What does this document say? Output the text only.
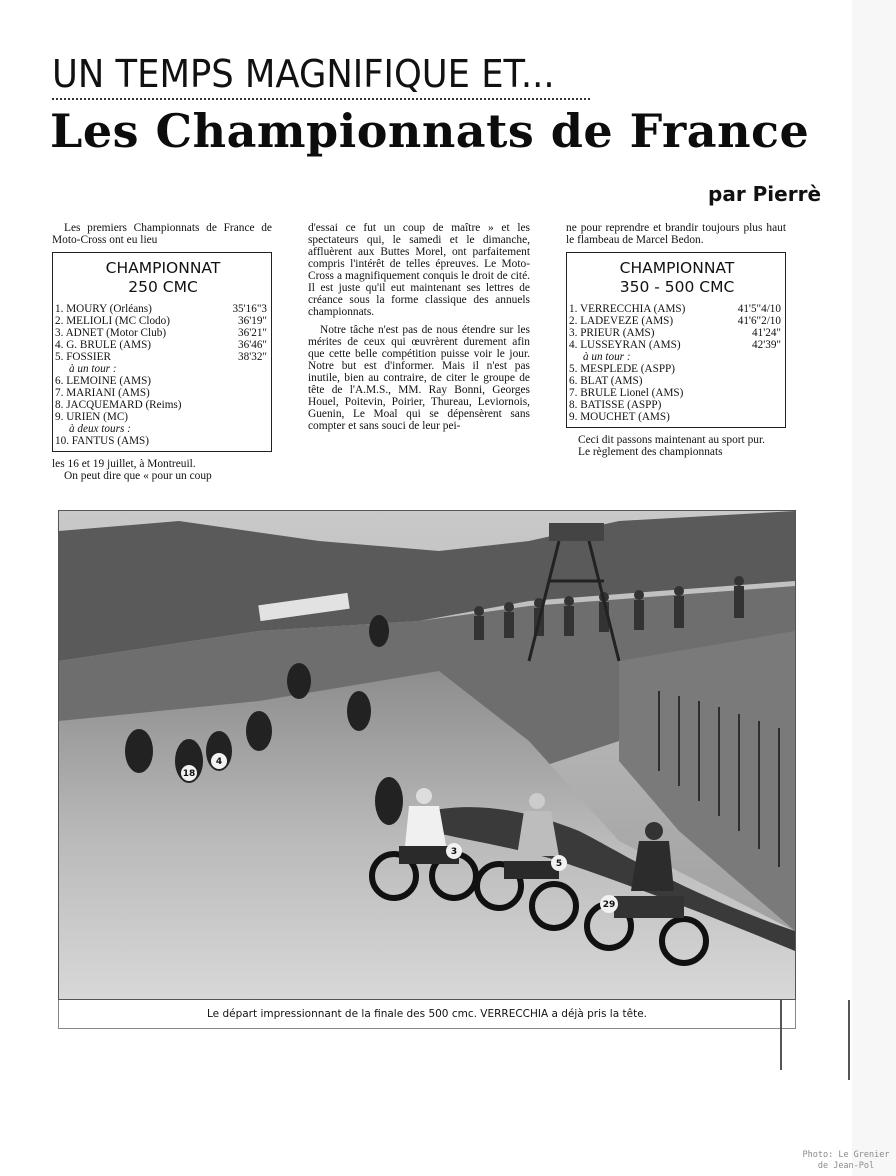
UN TEMPS MAGNIFIQUE ET...
Les Championnats de France
par Pierrè

Les premiers Championnats de France de Moto-Cross ont eu lieu

CHAMPIONNAT
250 CMC
1. MOURY (Orléans)	35'16"3
2. MELIOLI (MC Clodo)	36'19"
3. ADNET (Motor Club)	36'21"
4. G. BRULE (AMS)	36'46"
5. FOSSIER	38'32"
à un tour :
6. LEMOINE (AMS)
7. MARIANI (AMS)
8. JACQUEMARD (Reims)
9. URIEN (MC)
à deux tours :
10. FANTUS (AMS)

les 16 et 19 juillet, à Montreuil.

On peut dire que « pour un coup

d'essai ce fut un coup de maître » et les spectateurs qui, le samedi et le dimanche, affluèrent aux Buttes Morel, ont parfaitement compris l'intérêt de telles épreuves. Le Moto-Cross a magnifiquement conquis le droit de cité. Il est juste qu'il eut maintenant ses lettres de créance sous la forme classique des annuels championnats.

Notre tâche n'est pas de nous étendre sur les mérites de ceux qui œuvrèrent durement afin que cette belle compétition puisse voir le jour. Notre but est d'informer. Mais il n'est pas inutile, bien au contraire, de citer le groupe de tête de l'A.M.S., MM. Ray Bonni, Georges Houel, Poitevin, Poirier, Thureau, Leviornois, Guenin, Le Moal qui se dépensèrent sans compter et sans souci de leur pei-

ne pour reprendre et brandir toujours plus haut le flambeau de Marcel Bedon.

CHAMPIONNAT
350 - 500 CMC
1. VERRECCHIA (AMS)	41'5"4/10
2. LADEVEZE (AMS)	41'6"2/10
3. PRIEUR (AMS)	41'24"
4. LUSSEYRAN (AMS)	42'39"
à un tour :
5. MESPLEDE (ASPP)
6. BLAT (AMS)
7. BRULE Lionel (AMS)
8. BATISSE (ASPP)
9. MOUCHET (AMS)

Ceci dit passons maintenant au sport pur.

Le règlement des championnats

18
4
29
3
5
Le départ impressionnant de la finale des 500 cmc. VERRECCHIA a déjà pris la tête.
Photo: Le Grenier de Jean-Pol
